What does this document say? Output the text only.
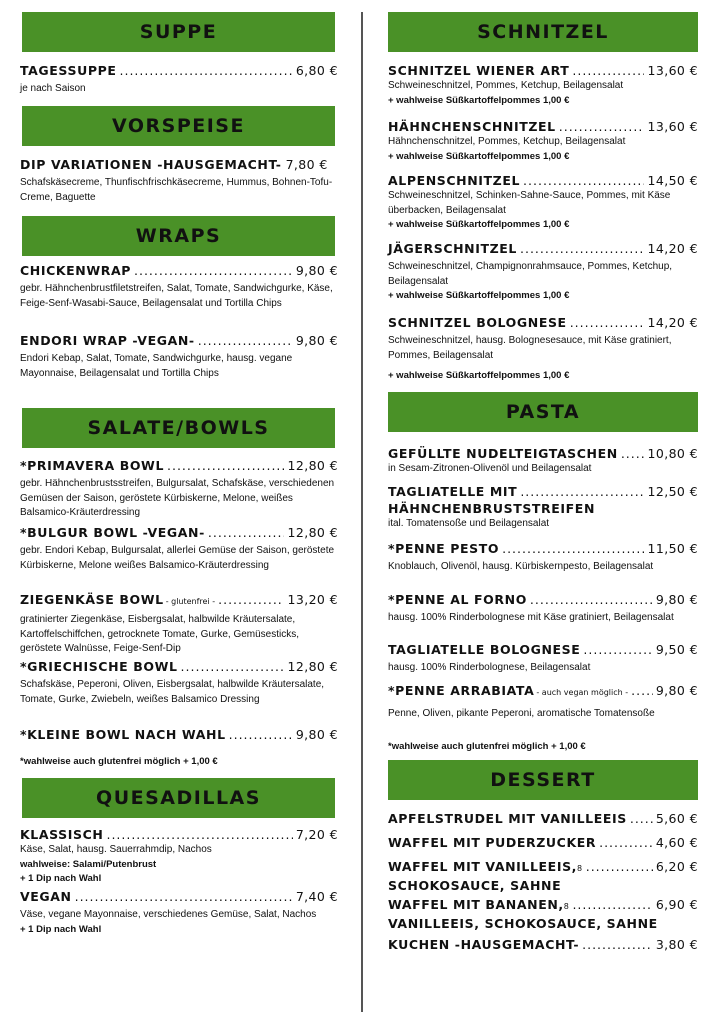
SUPPE
TAGESSUPPE .....	6,80 €
je nach Saison
VORSPEISE
DIP VARIATIONEN -HAUSGEMACHT- 7,80 €
Schafskäsecreme, Thunfischfrischkäsecreme, Hummus, Bohnen-Tofu-Creme, Baguette
WRAPS
CHICKENWRAP .....	9,80 €
gebr. Hähnchenbrustfiletstreifen, Salat, Tomate, Sandwichgurke, Käse, Feige-Senf-Wasabi-Sauce, Beilagensalat und Tortilla Chips
ENDORI WRAP -VEGAN- .....	9,80 €
Endori Kebap, Salat, Tomate, Sandwichgurke, hausg. vegane Mayonnaise, Beilagensalat und Tortilla Chips
SALATE/BOWLS
*PRIMAVERA BOWL .....	12,80 €
gebr. Hähnchenbrustsstreifen, Bulgursalat, Schafskäse, verschiedenen Gemüsen der Saison, geröstete Kürbiskerne, Melone, weißes Balsamico-Kräuterdressing
*BULGUR BOWL -VEGAN- .....	12,80 €
gebr. Endori Kebap, Bulgursalat, allerlei Gemüse der Saison, geröstete Kürbiskerne, Melone weißes Balsamico-Kräuterdressing
ZIEGENKÄSE BOWL - glutenfrei - .....	13,20 €
gratinierter Ziegenkäse, Eisbergsalat, halbwilde Kräutersalate, Kartoffelschiffchen, getrocknete Tomate, Gurke, Gemüsesticks, geröstete Walnüsse, Feige-Senf-Dip
*GRIECHISCHE BOWL .....	12,80 €
Schafskäse, Peperoni, Oliven, Eisbergsalat, halbwilde Kräutersalate, Tomate, Gurke, Zwiebeln, weißes Balsamico Dressing
*KLEINE BOWL NACH WAHL .....	9,80 €
*wahlweise auch glutenfrei möglich + 1,00 €
QUESADILLAS
KLASSISCH .....	7,20 €
Käse, Salat, hausg. Sauerrahmdip, Nachos
wahlweise: Salami/Putenbrust
+ 1 Dip nach Wahl
VEGAN .....	7,40 €
Väse, vegane Mayonnaise, verschiedenes Gemüse, Salat, Nachos
+ 1 Dip nach Wahl
SCHNITZEL
SCHNITZEL WIENER ART .....	13,60 €
Schweineschnitzel, Pommes, Ketchup, Beilagensalat
+ wahlweise Süßkartoffelpommes 1,00 €
HÄHNCHENSCHNITZEL .....	13,60 €
Hähnchenschnitzel, Pommes, Ketchup, Beilagensalat
+ wahlweise Süßkartoffelpommes 1,00 €
ALPENSCHNITZEL .....	14,50 €
Schweineschnitzel, Schinken-Sahne-Sauce, Pommes, mit Käse überbacken, Beilagensalat
+ wahlweise Süßkartoffelpommes 1,00 €
JÄGERSCHNITZEL .....	14,20 €
Schweineschnitzel, Champignonrahmsauce, Pommes, Ketchup, Beilagensalat
+ wahlweise Süßkartoffelpommes 1,00 €
SCHNITZEL BOLOGNESE .....	14,20 €
Schweineschnitzel, hausg. Bolognesesauce, mit Käse gratiniert, Pommes, Beilagensalat
+ wahlweise Süßkartoffelpommes 1,00 €
PASTA
GEFÜLLTE NUDELTEIGTASCHEN ..... 10,80 €
in Sesam-Zitronen-Olivenöl und Beilagensalat
TAGLIATELLE MIT .....	12,50 €
HÄHNCHENBRUSTSTREIFEN
ital. Tomatensoße und Beilagensalat
*PENNE PESTO .....	11,50 €
Knoblauch, Olivenöl, hausg. Kürbiskernpesto, Beilagensalat
*PENNE AL FORNO .....	9,80 €
hausg. 100% Rinderbolognese mit Käse gratiniert, Beilagensalat
TAGLIATELLE BOLOGNESE .....	9,50 €
hausg. 100% Rinderbolognese, Beilagensalat
*PENNE ARRABIATA - auch vegan möglich - ..... 9,80 €
Penne, Oliven, pikante Peperoni, aromatische Tomatensoße
*wahlweise auch glutenfrei möglich + 1,00 €
DESSERT
APFELSTRUDEL MIT VANILLEEIS ..... 5,60 €
WAFFEL MIT PUDERZUCKER .....	4,60 €
WAFFEL MIT VANILLEEIS, 8 .....	6,20 €
SCHOKOSAUCE, SAHNE
WAFFEL MIT BANANEN, 8 .....	6,90 €
VANILLEEIS, SCHOKOSAUCE, SAHNE
KUCHEN -HAUSGEMACHT- .....	3,80 €
